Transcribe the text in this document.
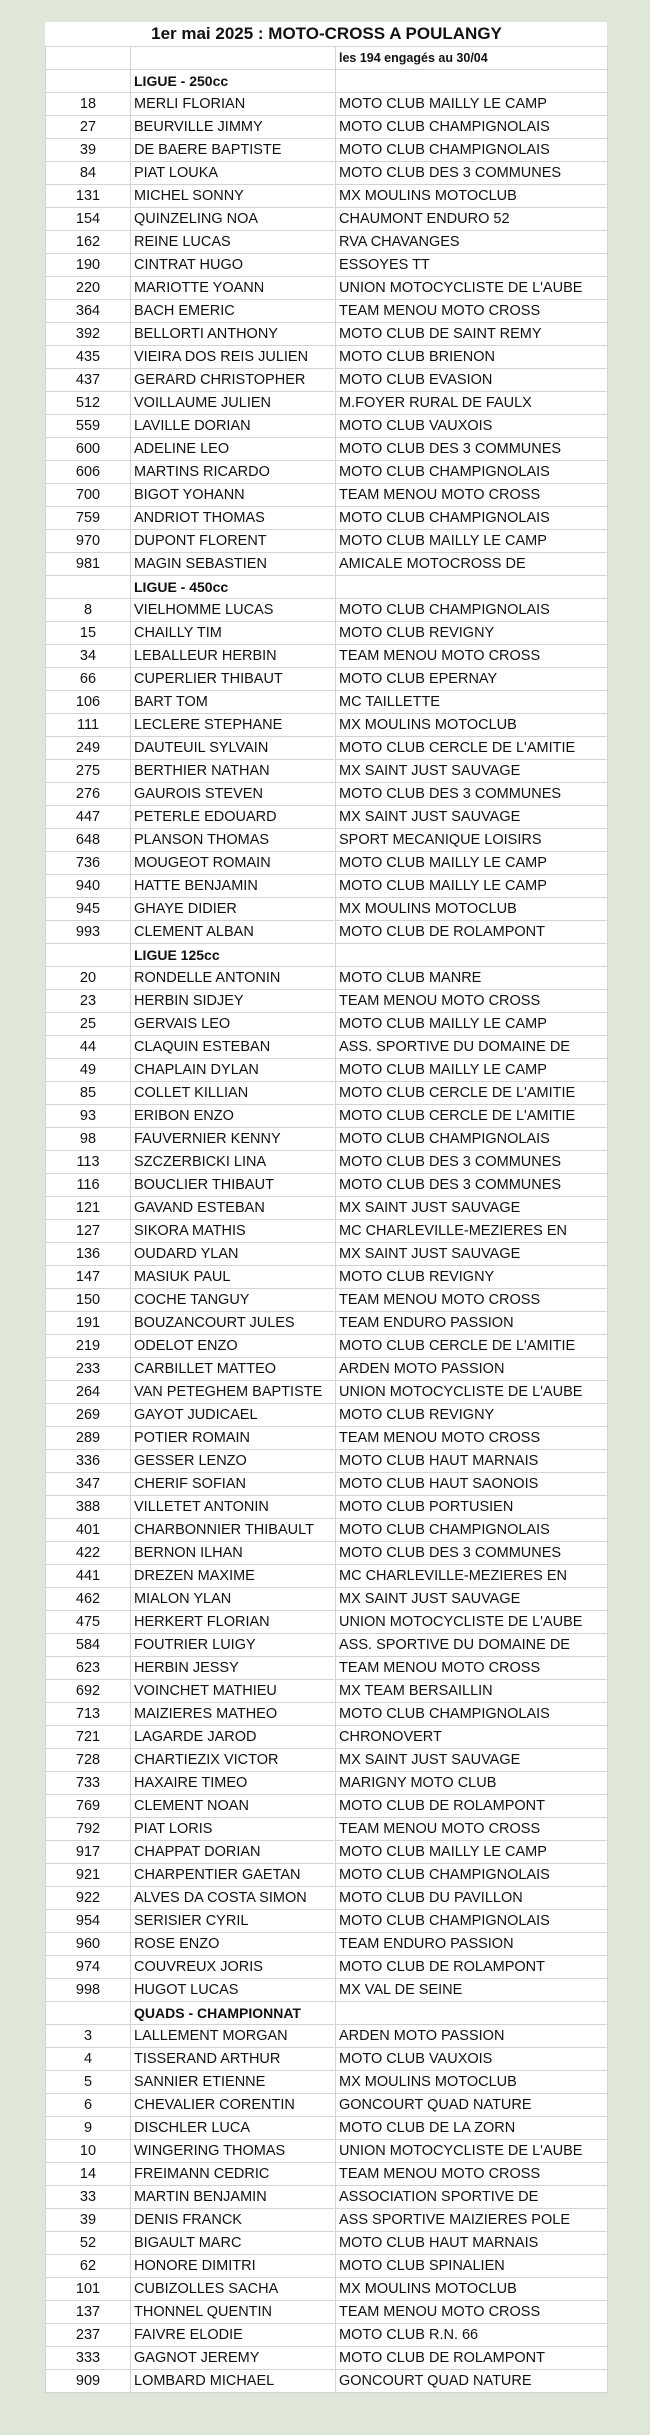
1er mai 2025 : MOTO-CROSS A POULANGY		
		les 194 engagés au 30/04
	LIGUE - 250cc	
18	MERLI FLORIAN	MOTO CLUB MAILLY LE CAMP
27	BEURVILLE JIMMY	MOTO CLUB CHAMPIGNOLAIS
39	DE BAERE BAPTISTE	MOTO CLUB CHAMPIGNOLAIS
84	PIAT LOUKA	MOTO CLUB DES 3 COMMUNES
131	MICHEL SONNY	MX MOULINS MOTOCLUB
154	QUINZELING NOA	CHAUMONT ENDURO 52
162	REINE LUCAS	RVA CHAVANGES
190	CINTRAT HUGO	ESSOYES TT
220	MARIOTTE YOANN	UNION MOTOCYCLISTE DE L'AUBE
364	BACH EMERIC	TEAM MENOU MOTO CROSS
392	BELLORTI ANTHONY	MOTO CLUB DE SAINT REMY
435	VIEIRA DOS REIS JULIEN	MOTO CLUB BRIENON
437	GERARD CHRISTOPHER	MOTO CLUB EVASION
512	VOILLAUME JULIEN	M.FOYER RURAL DE FAULX
559	LAVILLE DORIAN	MOTO CLUB VAUXOIS
600	ADELINE LEO	MOTO CLUB DES 3 COMMUNES
606	MARTINS RICARDO	MOTO CLUB CHAMPIGNOLAIS
700	BIGOT YOHANN	TEAM MENOU MOTO CROSS
759	ANDRIOT THOMAS	MOTO CLUB CHAMPIGNOLAIS
970	DUPONT FLORENT	MOTO CLUB MAILLY LE CAMP
981	MAGIN SEBASTIEN	AMICALE MOTOCROSS DE
	LIGUE - 450cc	
8	VIELHOMME LUCAS	MOTO CLUB CHAMPIGNOLAIS
15	CHAILLY TIM	MOTO CLUB REVIGNY
34	LEBALLEUR HERBIN	TEAM MENOU MOTO CROSS
66	CUPERLIER THIBAUT	MOTO CLUB EPERNAY
106	BART TOM	MC TAILLETTE
111	LECLERE STEPHANE	MX MOULINS MOTOCLUB
249	DAUTEUIL SYLVAIN	MOTO CLUB CERCLE DE L'AMITIE
275	BERTHIER NATHAN	MX SAINT JUST SAUVAGE
276	GAUROIS STEVEN	MOTO CLUB DES 3 COMMUNES
447	PETERLE EDOUARD	MX SAINT JUST SAUVAGE
648	PLANSON THOMAS	SPORT MECANIQUE LOISIRS
736	MOUGEOT ROMAIN	MOTO CLUB MAILLY LE CAMP
940	HATTE BENJAMIN	MOTO CLUB MAILLY LE CAMP
945	GHAYE DIDIER	MX MOULINS MOTOCLUB
993	CLEMENT ALBAN	MOTO CLUB DE ROLAMPONT
	LIGUE 125cc	
20	RONDELLE ANTONIN	MOTO CLUB MANRE
23	HERBIN SIDJEY	TEAM MENOU MOTO CROSS
25	GERVAIS LEO	MOTO CLUB MAILLY LE CAMP
44	CLAQUIN ESTEBAN	ASS. SPORTIVE DU DOMAINE DE
49	CHAPLAIN DYLAN	MOTO CLUB MAILLY LE CAMP
85	COLLET KILLIAN	MOTO CLUB CERCLE DE L'AMITIE
93	ERIBON ENZO	MOTO CLUB CERCLE DE L'AMITIE
98	FAUVERNIER KENNY	MOTO CLUB CHAMPIGNOLAIS
113	SZCZERBICKI LINA	MOTO CLUB DES 3 COMMUNES
116	BOUCLIER THIBAUT	MOTO CLUB DES 3 COMMUNES
121	GAVAND ESTEBAN	MX SAINT JUST SAUVAGE
127	SIKORA MATHIS	MC CHARLEVILLE-MEZIERES EN
136	OUDARD YLAN	MX SAINT JUST SAUVAGE
147	MASIUK PAUL	MOTO CLUB REVIGNY
150	COCHE TANGUY	TEAM MENOU MOTO CROSS
191	BOUZANCOURT JULES	TEAM ENDURO PASSION
219	ODELOT ENZO	MOTO CLUB CERCLE DE L'AMITIE
233	CARBILLET MATTEO	ARDEN MOTO PASSION
264	VAN PETEGHEM BAPTISTE	UNION MOTOCYCLISTE DE L'AUBE
269	GAYOT JUDICAEL	MOTO CLUB REVIGNY
289	POTIER ROMAIN	TEAM MENOU MOTO CROSS
336	GESSER LENZO	MOTO CLUB HAUT MARNAIS
347	CHERIF SOFIAN	MOTO CLUB HAUT SAONOIS
388	VILLETET ANTONIN	MOTO CLUB PORTUSIEN
401	CHARBONNIER THIBAULT	MOTO CLUB CHAMPIGNOLAIS
422	BERNON ILHAN	MOTO CLUB DES 3 COMMUNES
441	DREZEN MAXIME	MC CHARLEVILLE-MEZIERES EN
462	MIALON YLAN	MX SAINT JUST SAUVAGE
475	HERKERT FLORIAN	UNION MOTOCYCLISTE DE L'AUBE
584	FOUTRIER LUIGY	ASS. SPORTIVE DU DOMAINE DE
623	HERBIN JESSY	TEAM MENOU MOTO CROSS
692	VOINCHET MATHIEU	MX TEAM BERSAILLIN
713	MAIZIERES MATHEO	MOTO CLUB CHAMPIGNOLAIS
721	LAGARDE JAROD	CHRONOVERT
728	CHARTIEZIX VICTOR	MX SAINT JUST SAUVAGE
733	HAXAIRE TIMEO	MARIGNY MOTO CLUB
769	CLEMENT NOAN	MOTO CLUB DE ROLAMPONT
792	PIAT LORIS	TEAM MENOU MOTO CROSS
917	CHAPPAT DORIAN	MOTO CLUB MAILLY LE CAMP
921	CHARPENTIER GAETAN	MOTO CLUB CHAMPIGNOLAIS
922	ALVES DA COSTA SIMON	MOTO CLUB DU PAVILLON
954	SERISIER CYRIL	MOTO CLUB CHAMPIGNOLAIS
960	ROSE ENZO	TEAM ENDURO PASSION
974	COUVREUX JORIS	MOTO CLUB DE ROLAMPONT
998	HUGOT LUCAS	MX VAL DE SEINE
	QUADS - CHAMPIONNAT	
3	LALLEMENT MORGAN	ARDEN MOTO PASSION
4	TISSERAND ARTHUR	MOTO CLUB VAUXOIS
5	SANNIER ETIENNE	MX MOULINS MOTOCLUB
6	CHEVALIER CORENTIN	GONCOURT QUAD NATURE
9	DISCHLER LUCA	MOTO CLUB DE LA ZORN
10	WINGERING THOMAS	UNION MOTOCYCLISTE DE L'AUBE
14	FREIMANN CEDRIC	TEAM MENOU MOTO CROSS
33	MARTIN BENJAMIN	ASSOCIATION SPORTIVE DE
39	DENIS FRANCK	ASS SPORTIVE MAIZIERES POLE
52	BIGAULT MARC	MOTO CLUB HAUT MARNAIS
62	HONORE DIMITRI	MOTO CLUB SPINALIEN
101	CUBIZOLLES SACHA	MX MOULINS MOTOCLUB
137	THONNEL QUENTIN	TEAM MENOU MOTO CROSS
237	FAIVRE ELODIE	MOTO CLUB R.N. 66
333	GAGNOT JEREMY	MOTO CLUB DE ROLAMPONT
909	LOMBARD MICHAEL	GONCOURT QUAD NATURE
